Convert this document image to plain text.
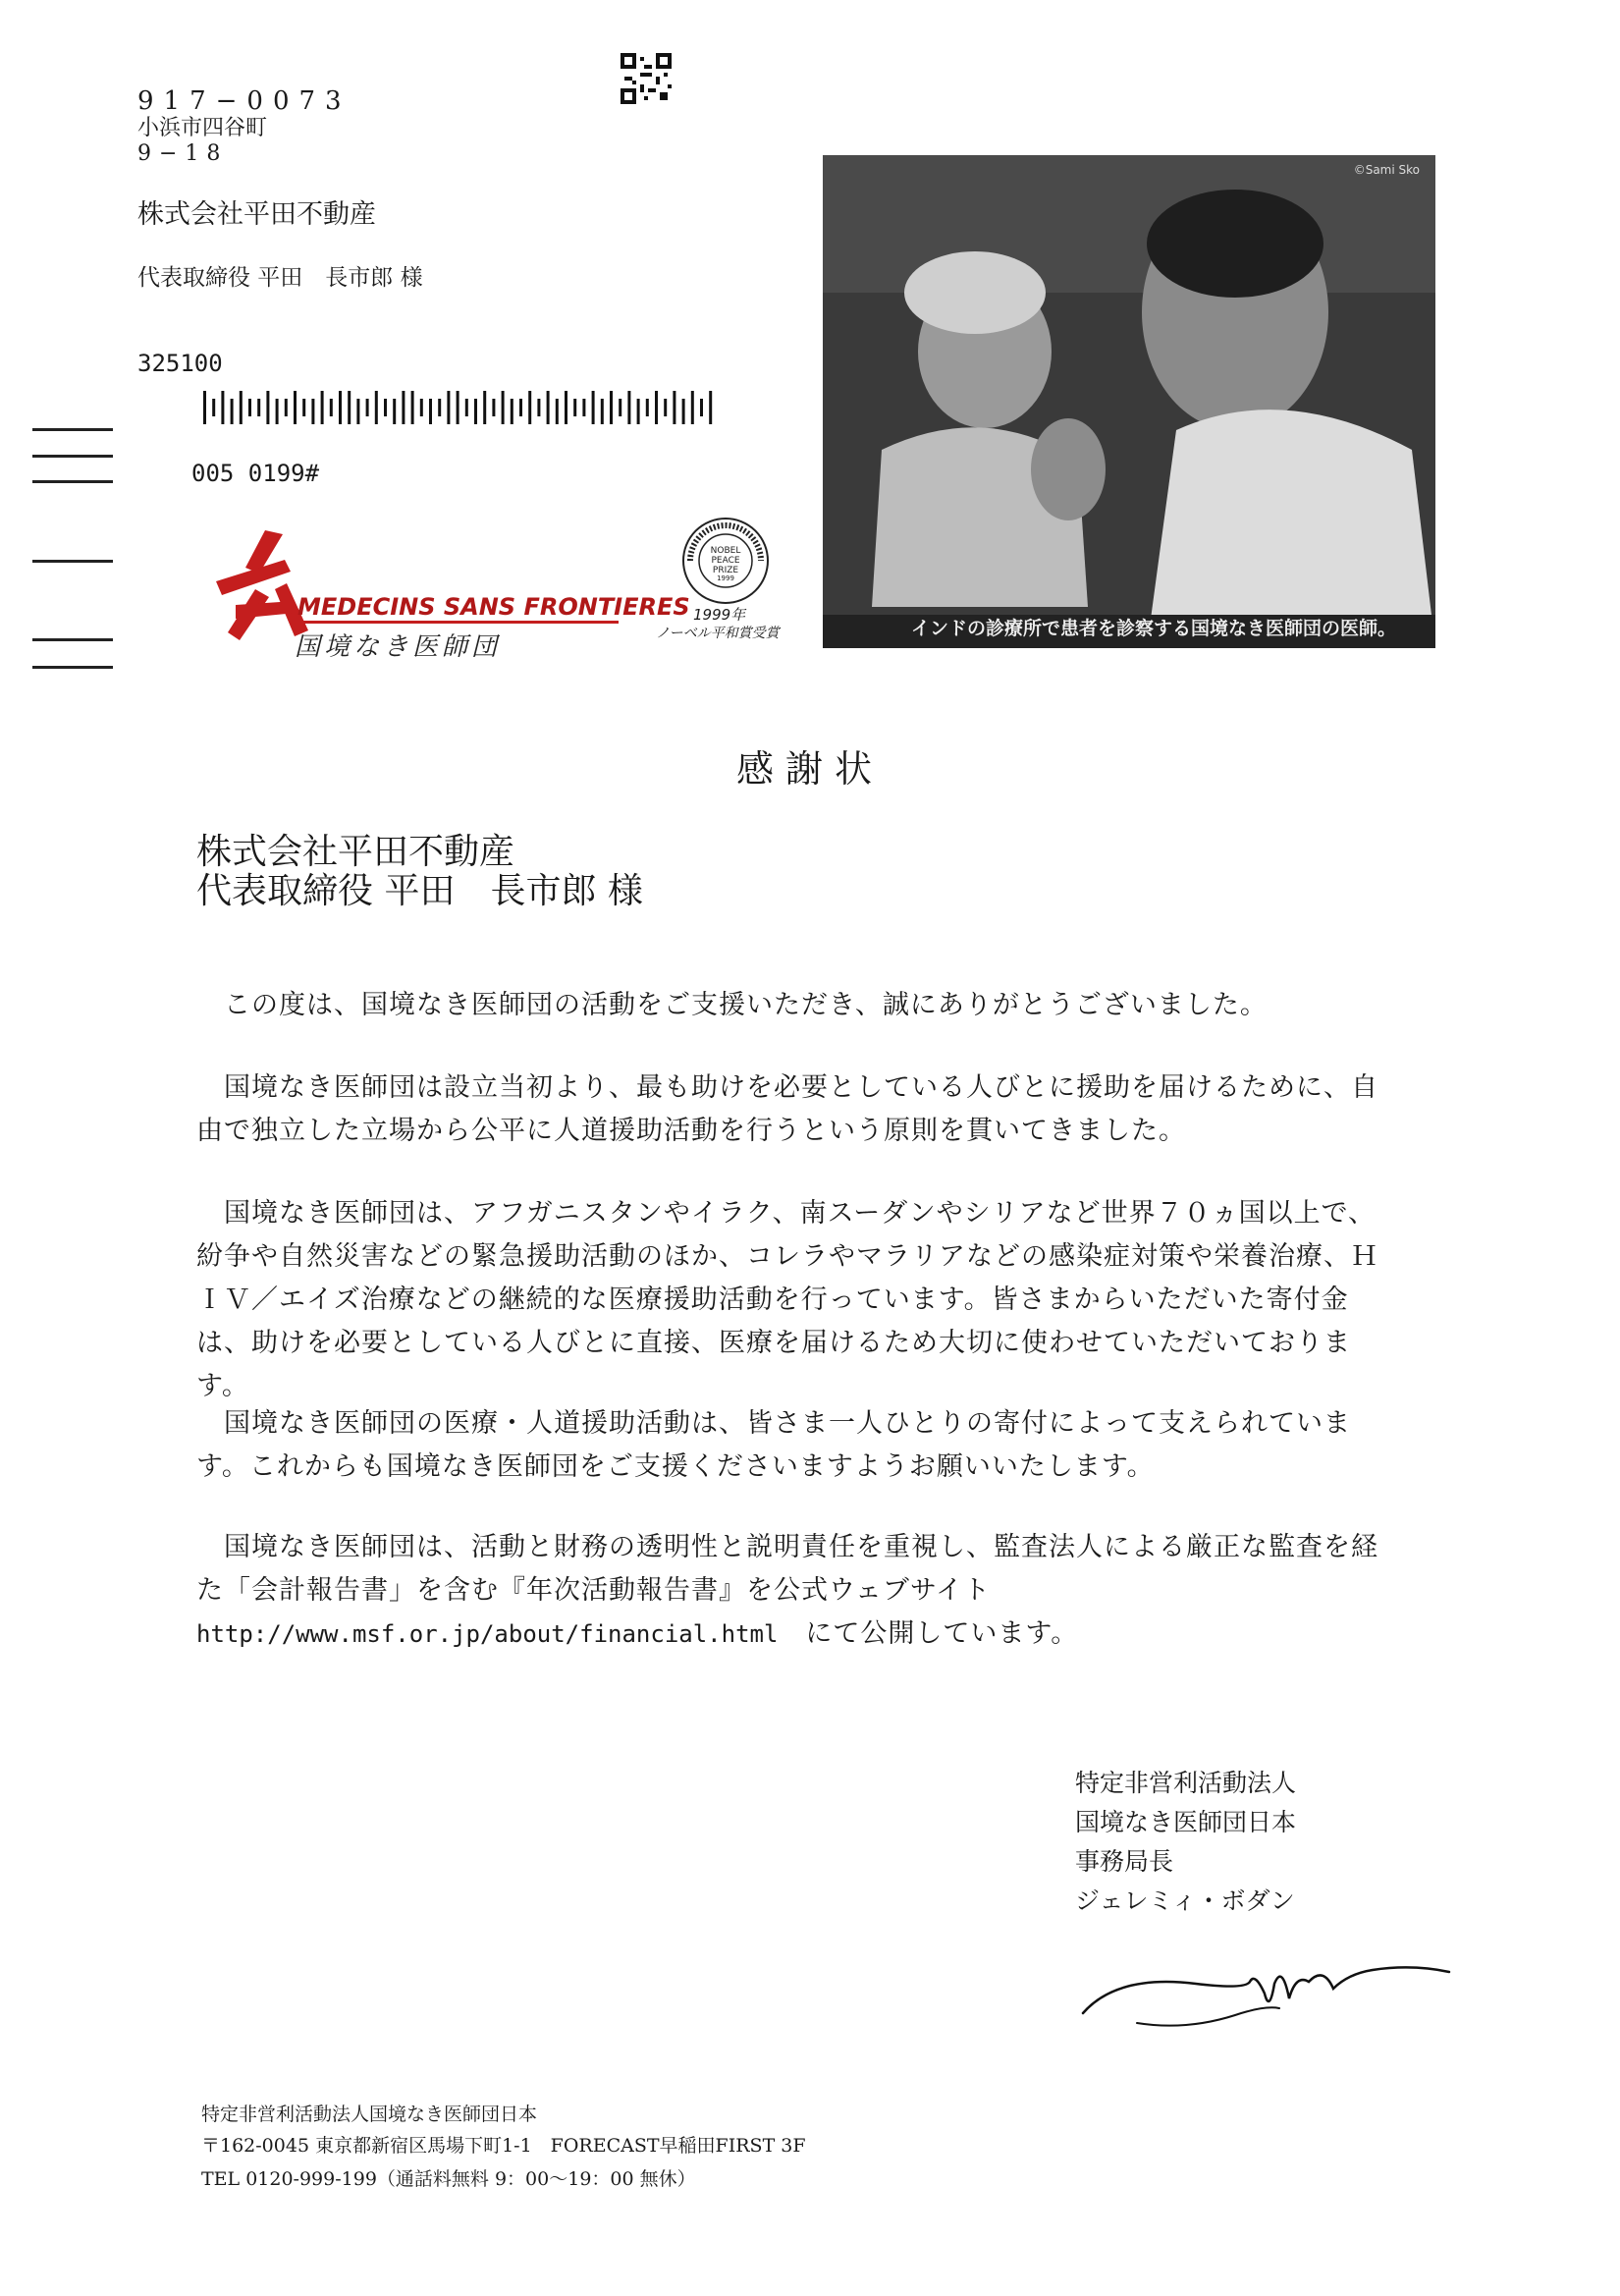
917−0073
小浜市四谷町
9−18
株式会社平田不動産
代表取締役 平田　長市郎 様
325100
005 0199#
MEDECINS SANS FRONTIERES
国境なき医師団
NOBEL
PEACE
PRIZE
1999
1999年
ノーベル平和賞受賞
©Sami Sko
インドの診療所で患者を診察する国境なき医師団の医師。
感謝状
株式会社平田不動産
代表取締役 平田　長市郎 様
この度は、国境なき医師団の活動をご支援いただき、誠にありがとうございました。
国境なき医師団は設立当初より、最も助けを必要としている人びとに援助を届けるために、自由で独立した立場から公平に人道援助活動を行うという原則を貫いてきました。
国境なき医師団は、アフガニスタンやイラク、南スーダンやシリアなど世界７０ヵ国以上で、紛争や自然災害などの緊急援助活動のほか、コレラやマラリアなどの感染症対策や栄養治療、ＨＩＶ／エイズ治療などの継続的な医療援助活動を行っています。皆さまからいただいた寄付金は、助けを必要としている人びとに直接、医療を届けるため大切に使わせていただいております。
国境なき医師団の医療・人道援助活動は、皆さま一人ひとりの寄付によって支えられています。これからも国境なき医師団をご支援くださいますようお願いいたします。
国境なき医師団は、活動と財務の透明性と説明責任を重視し、監査法人による厳正な監査を経た「会計報告書」を含む『年次活動報告書』を公式ウェブサイト
http://www.msf.or.jp/about/financial.html　にて公開しています。
特定非営利活動法人
国境なき医師団日本
事務局長
ジェレミィ・ボダン
特定非営利活動法人国境なき医師団日本
〒162-0045 東京都新宿区馬場下町1-1　FORECAST早稲田FIRST 3F
TEL 0120-999-199（通話料無料 9：00〜19：00 無休）
